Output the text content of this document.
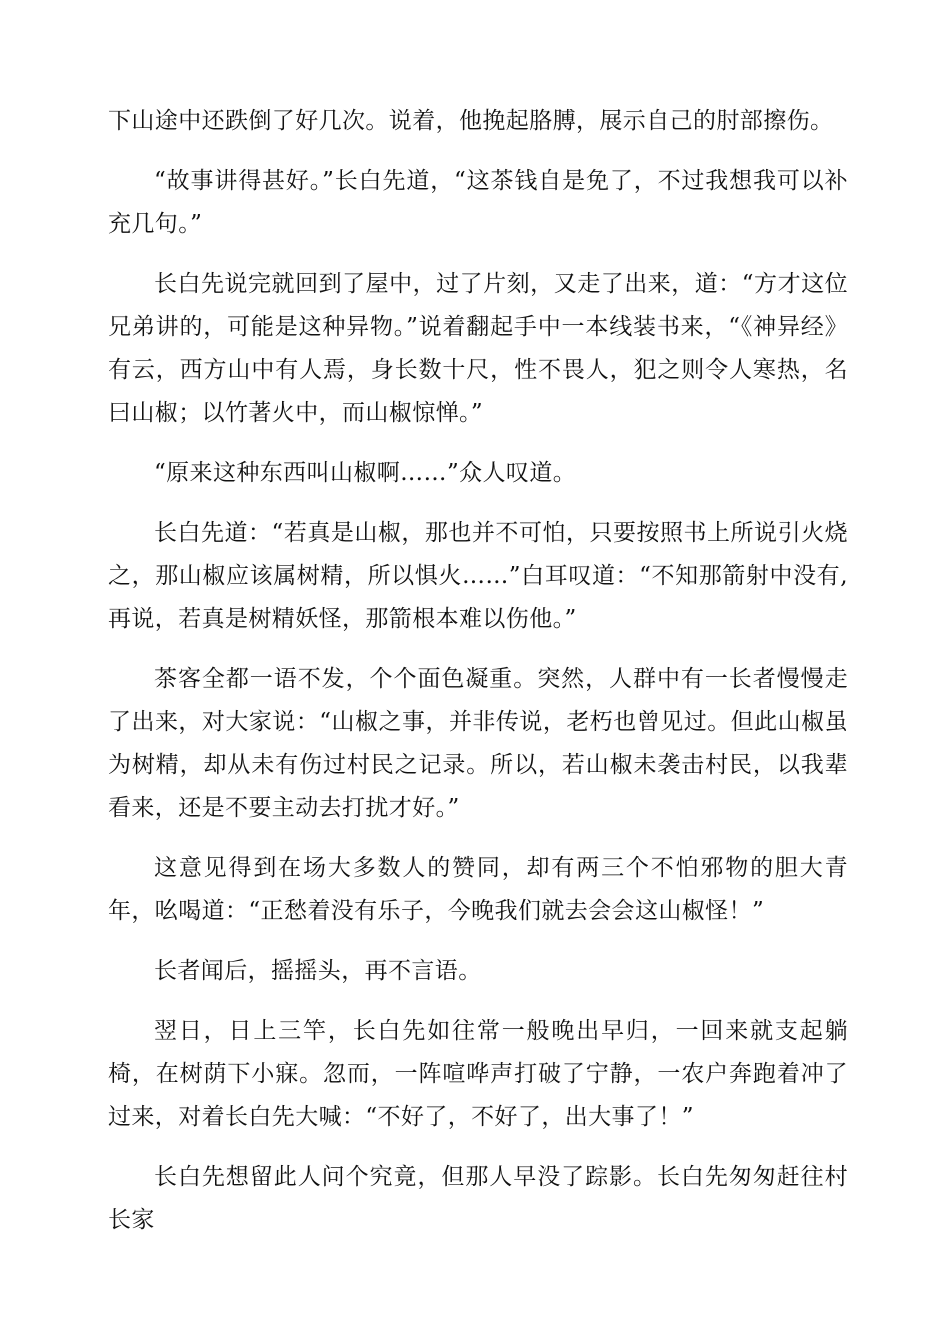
下山途中还跌倒了好几次。说着，他挽起胳膊，展示自己的肘部擦伤。

“故事讲得甚好。”长白先道，“这茶钱自是免了，不过我想我可以补充几句。”

长白先说完就回到了屋中，过了片刻，又走了出来，道：“方才这位兄弟讲的，可能是这种异物。”说着翻起手中一本线装书来，“《神异经》有云，西方山中有人焉，身长数十尺，性不畏人，犯之则令人寒热，名曰山椒；以竹著火中，而山椒惊惮。”

“原来这种东西叫山椒啊……”众人叹道。

长白先道：“若真是山椒，那也并不可怕，只要按照书上所说引火烧之，那山椒应该属树精，所以惧火……”白耳叹道：“不知那箭射中没有,再说，若真是树精妖怪，那箭根本难以伤他。”

茶客全都一语不发，个个面色凝重。突然，人群中有一长者慢慢走了出来，对大家说：“山椒之事，并非传说，老朽也曾见过。但此山椒虽为树精，却从未有伤过村民之记录。所以，若山椒未袭击村民，以我辈看来，还是不要主动去打扰才好。”

这意见得到在场大多数人的赞同，却有两三个不怕邪物的胆大青年，吆喝道：“正愁着没有乐子，今晚我们就去会会这山椒怪！”

长者闻后，摇摇头，再不言语。

翌日，日上三竿，长白先如往常一般晚出早归，一回来就支起躺椅，在树荫下小寐。忽而，一阵喧哗声打破了宁静，一农户奔跑着冲了过来，对着长白先大喊：“不好了，不好了，出大事了！”

长白先想留此人问个究竟，但那人早没了踪影。长白先匆匆赶往村长家
